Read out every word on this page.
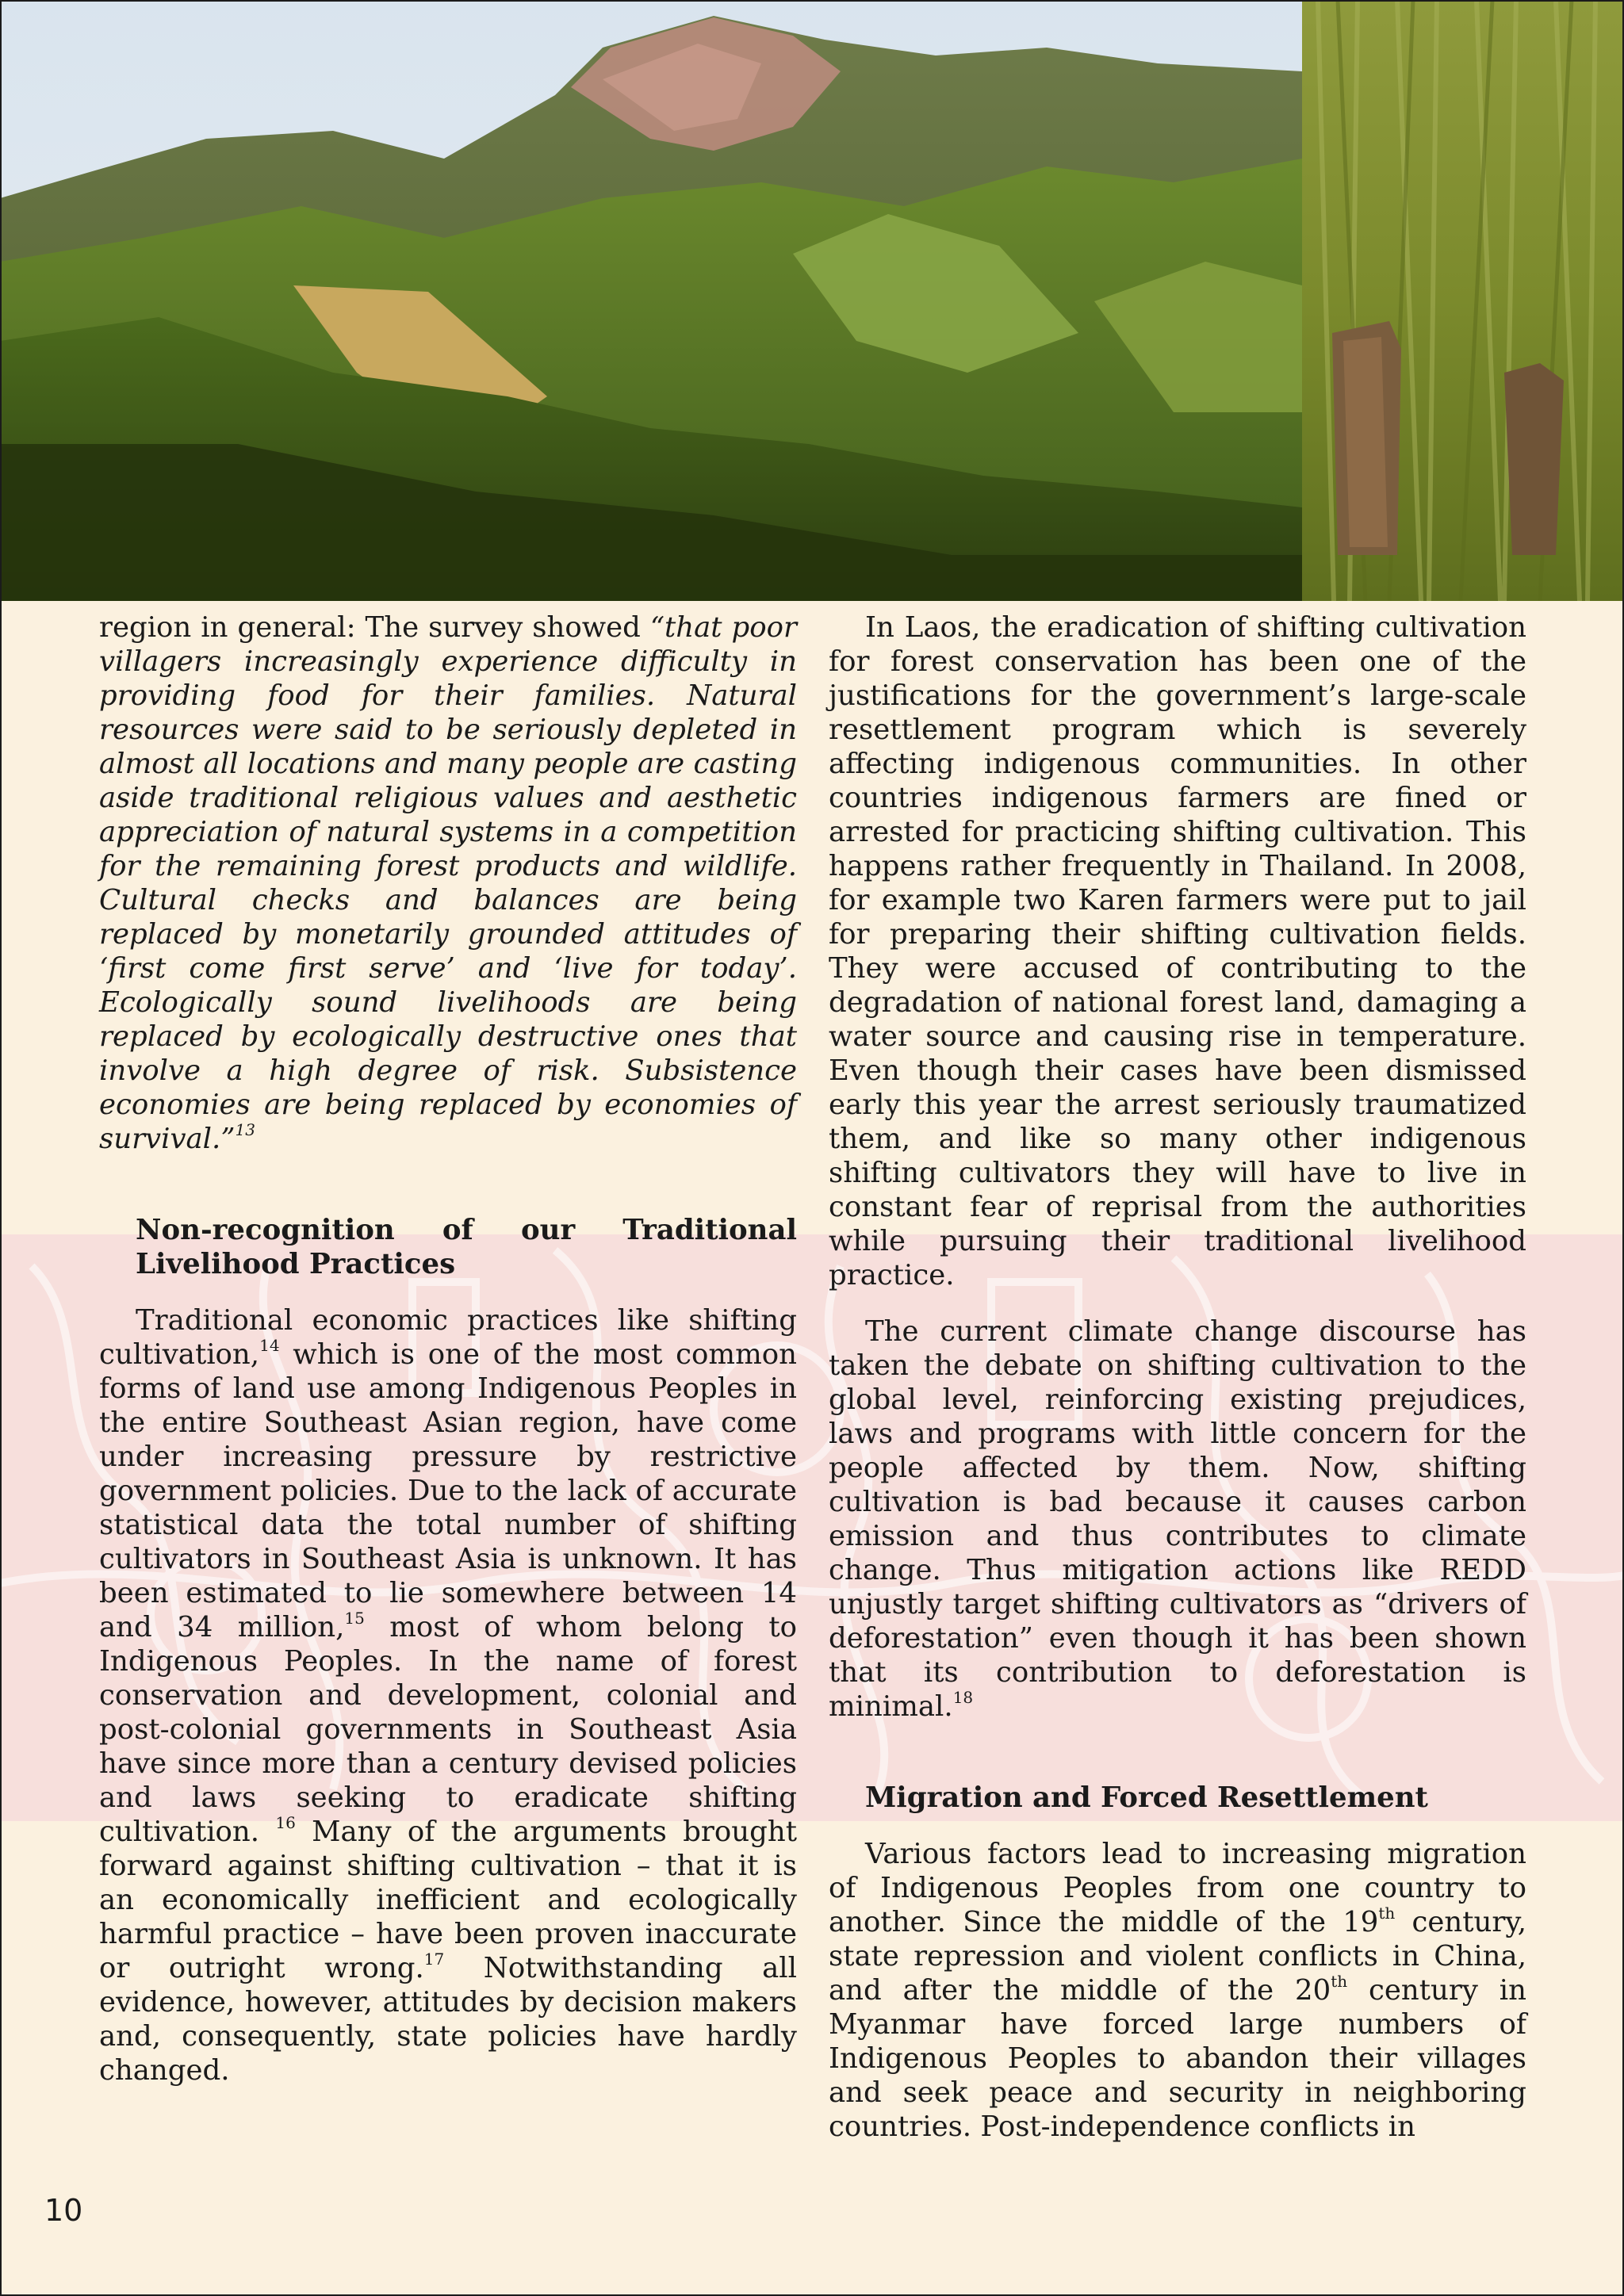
region in general: The survey showed “that poor villagers increasingly experience difficulty in providing food for their families. Natural resources were said to be seriously depleted in almost all locations and many people are casting aside traditional religious values and aesthetic appreciation of natural systems in a competition for the remaining forest products and wildlife. Cultural checks and balances are being replaced by monetarily grounded attitudes of ‘first come first serve’ and ‘live for today’. Ecologically sound livelihoods are being replaced by ecologically destructive ones that involve a high degree of risk. Subsistence economies are being replaced by economies of survival.”$^{13}$

Non-recognition of our Traditional Livelihood Practices

Traditional economic practices like shifting cultivation,$^{14}$ which is one of the most common forms of land use among Indigenous Peoples in the entire Southeast Asian region, have come under increasing pressure by restrictive government policies. Due to the lack of accurate statistical data the total number of shifting cultivators in Southeast Asia is unknown. It has been estimated to lie somewhere between 14 and 34 million,$^{15}$ most of whom belong to Indigenous Peoples. In the name of forest conservation and development, colonial and post-colonial governments in Southeast Asia have since more than a century devised policies and laws seeking to eradicate shifting cultivation. $^{16}$ Many of the arguments brought forward against shifting cultivation – that it is an economically inefficient and ecologically harmful practice – have been proven inaccurate or outright wrong.$^{17}$ Notwithstanding all evidence, however, attitudes by decision makers and, consequently, state policies have hardly changed.

In Laos, the eradication of shifting cultivation for forest conservation has been one of the justifications for the government’s large-scale resettlement program which is severely affecting indigenous communities. In other countries indigenous farmers are fined or arrested for practicing shifting cultivation. This happens rather frequently in Thailand. In 2008, for example two Karen farmers were put to jail for preparing their shifting cultivation fields. They were accused of contributing to the degradation of national forest land, damaging a water source and causing rise in temperature. Even though their cases have been dismissed early this year the arrest seriously traumatized them, and like so many other indigenous shifting cultivators they will have to live in constant fear of reprisal from the authorities while pursuing their traditional livelihood practice.

The current climate change discourse has taken the debate on shifting cultivation to the global level, reinforcing existing prejudices, laws and programs with little concern for the people affected by them. Now, shifting cultivation is bad because it causes carbon emission and thus contributes to climate change. Thus mitigation actions like REDD unjustly target shifting cultivators as “drivers of deforestation” even though it has been shown that its contribution to deforestation is minimal.$^{18}$

Migration and Forced Resettlement

Various factors lead to increasing migration of Indigenous Peoples from one country to another. Since the middle of the 19th century, state repression and violent conflicts in China, and after the middle of the 20th century in Myanmar have forced large numbers of Indigenous Peoples to abandon their villages and seek peace and security in neighboring countries. Post-independence conflicts in

10
